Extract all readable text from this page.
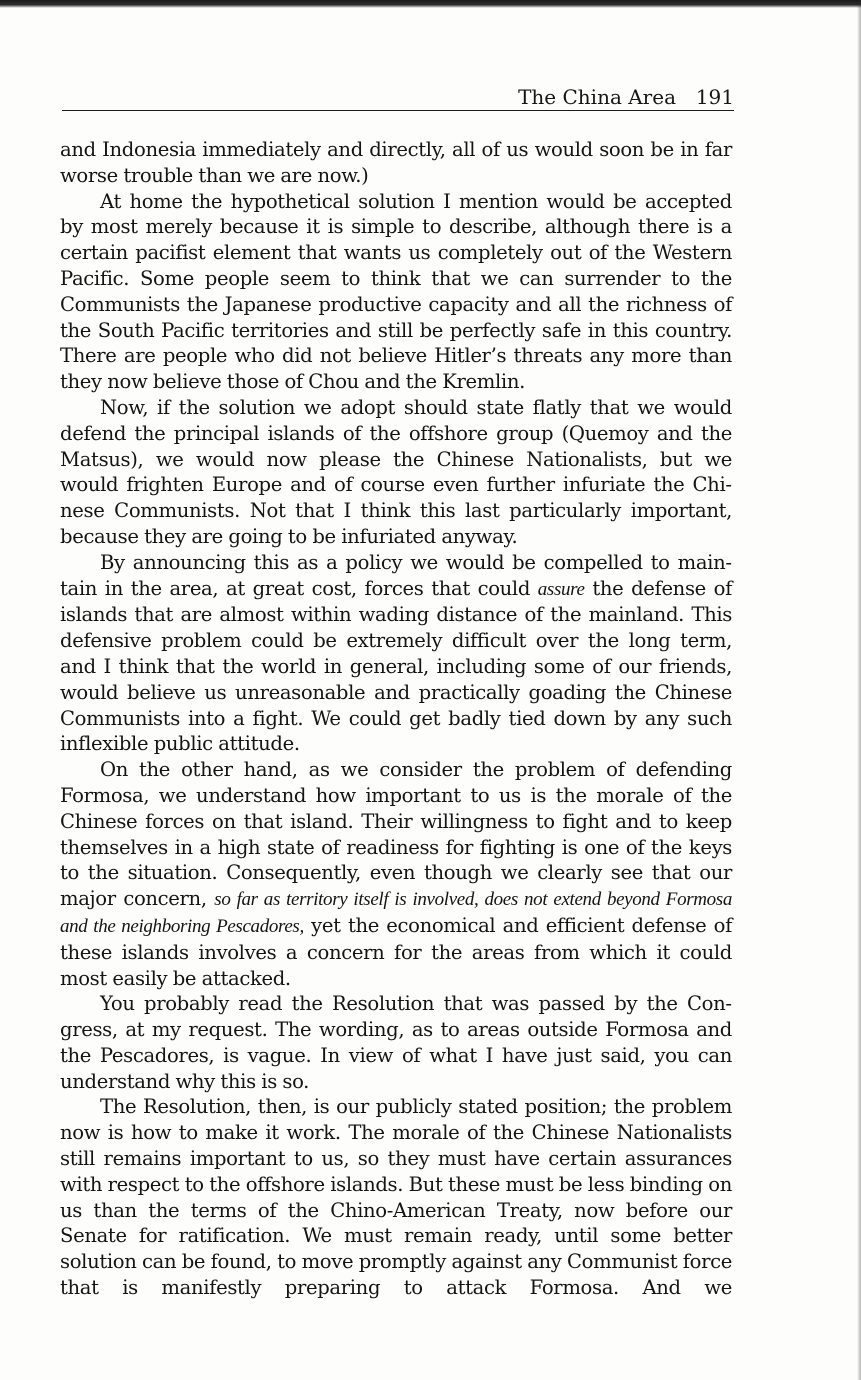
The China Area 191

and Indonesia immediately and directly, all of us would soon be in far worse trouble than we are now.)

At home the hypothetical solution I mention would be accepted by most merely because it is simple to describe, although there is a certain pacifist element that wants us completely out of the Western Pacific. Some people seem to think that we can surrender to the Communists the Japanese productive capacity and all the richness of the South Pacific territories and still be perfectly safe in this country. There are people who did not believe Hitler’s threats any more than they now believe those of Chou and the Kremlin.

Now, if the solution we adopt should state flatly that we would defend the principal islands of the offshore group (Quemoy and the Matsus), we would now please the Chinese Nationalists, but we would frighten Europe and of course even further infuriate the Chinese Communists. Not that I think this last particularly important, because they are going to be infuriated anyway.

By announcing this as a policy we would be compelled to maintain in the area, at great cost, forces that could assure the defense of islands that are almost within wading distance of the mainland. This defensive problem could be extremely difficult over the long term, and I think that the world in general, including some of our friends, would believe us unreasonable and practically goading the Chinese Communists into a fight. We could get badly tied down by any such inflexible public attitude.

On the other hand, as we consider the problem of defending Formosa, we understand how important to us is the morale of the Chinese forces on that island. Their willingness to fight and to keep themselves in a high state of readiness for fighting is one of the keys to the situation. Consequently, even though we clearly see that our major concern, so far as territory itself is involved, does not extend beyond Formosa and the neighboring Pescadores, yet the economical and efficient defense of these islands involves a concern for the areas from which it could most easily be attacked.

You probably read the Resolution that was passed by the Congress, at my request. The wording, as to areas outside Formosa and the Pescadores, is vague. In view of what I have just said, you can understand why this is so.

The Resolution, then, is our publicly stated position; the problem now is how to make it work. The morale of the Chinese Nationalists still remains important to us, so they must have certain assurances with respect to the offshore islands. But these must be less binding on us than the terms of the Chino-American Treaty, now before our Senate for ratification. We must remain ready, until some better solution can be found, to move promptly against any Communist force that is manifestly preparing to attack Formosa. And we
